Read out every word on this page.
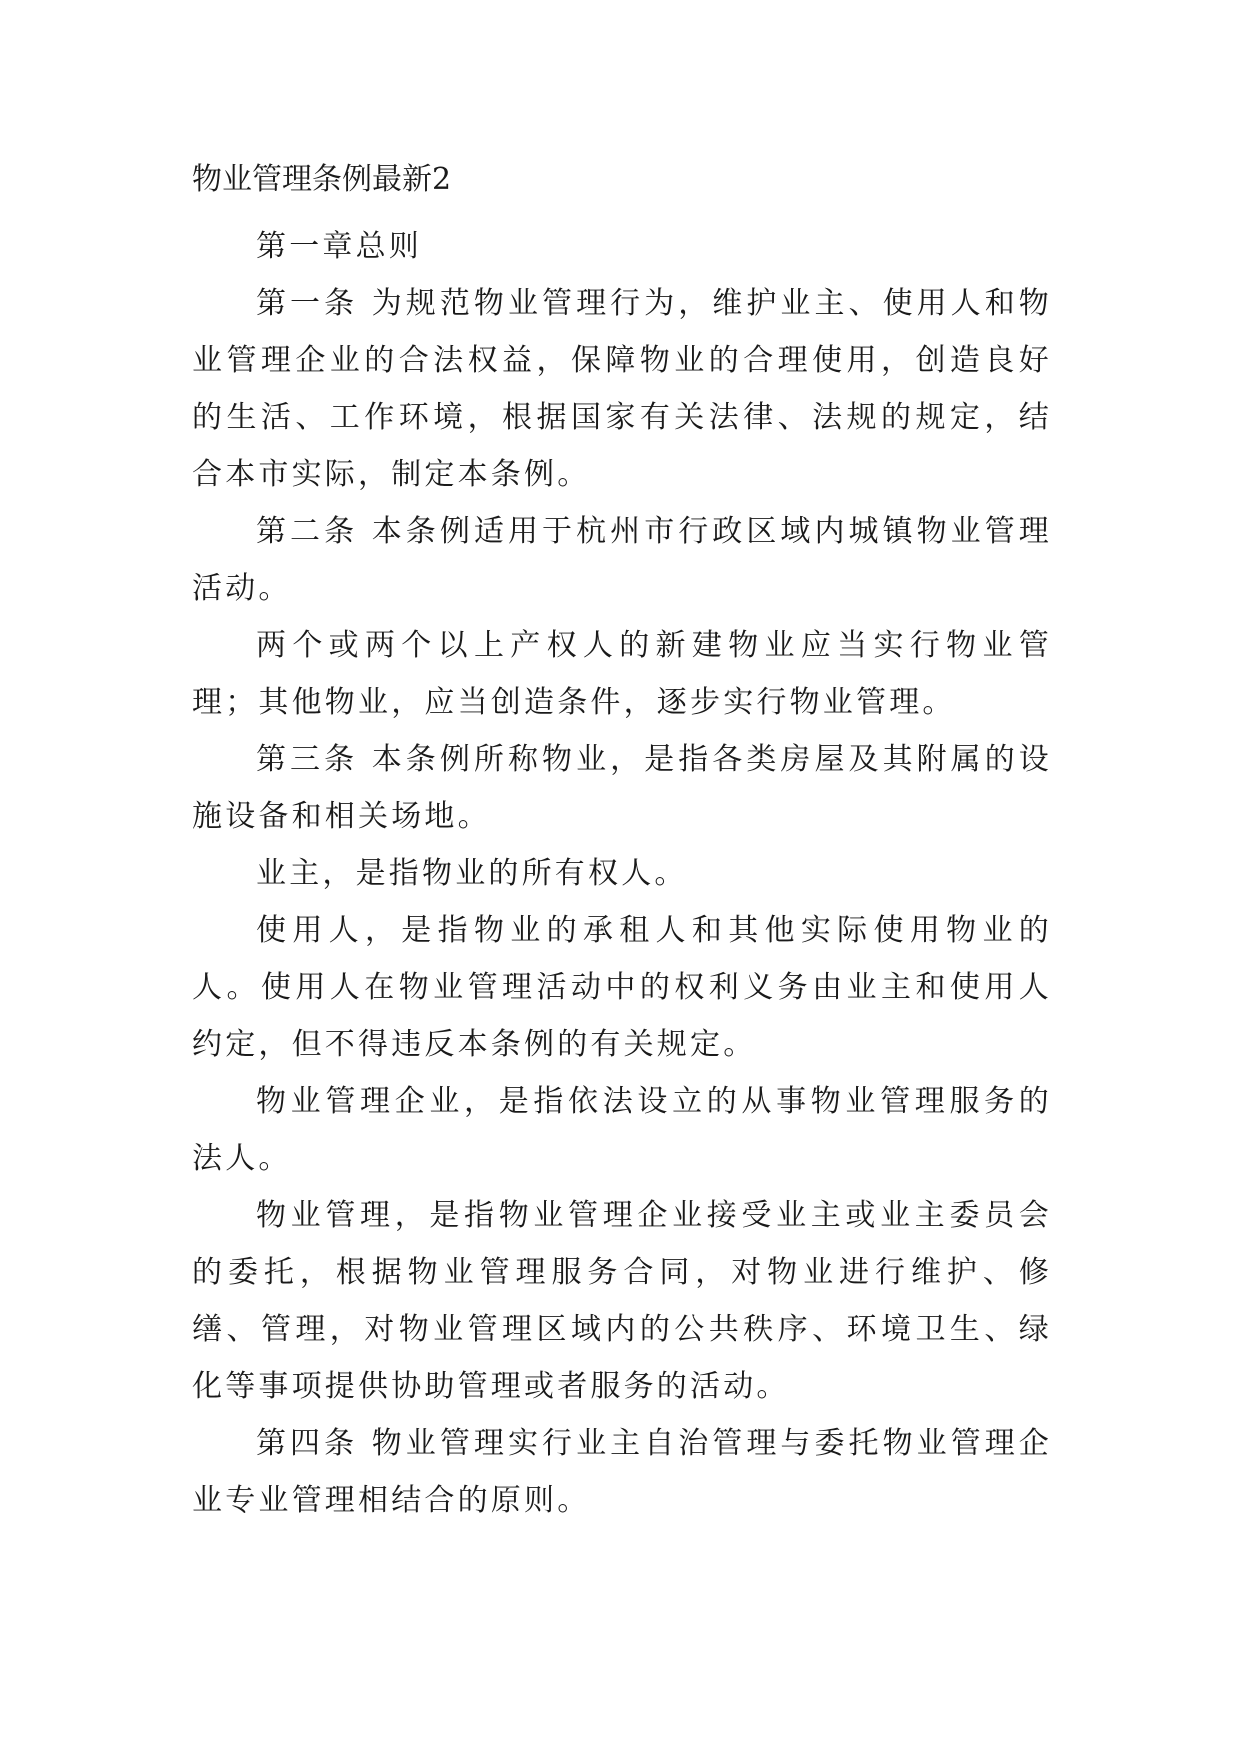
物业管理条例最新2

第一章总则

第一条 为规范物业管理行为，维护业主、使用人和物业管理企业的合法权益，保障物业的合理使用，创造良好的生活、工作环境，根据国家有关法律、法规的规定，结合本市实际，制定本条例。

第二条 本条例适用于杭州市行政区域内城镇物业管理活动。

两个或两个以上产权人的新建物业应当实行物业管理；其他物业，应当创造条件，逐步实行物业管理。

第三条 本条例所称物业，是指各类房屋及其附属的设施设备和相关场地。

业主，是指物业的所有权人。

使用人，是指物业的承租人和其他实际使用物业的人。使用人在物业管理活动中的权利义务由业主和使用人约定，但不得违反本条例的有关规定。

物业管理企业，是指依法设立的从事物业管理服务的法人。

物业管理，是指物业管理企业接受业主或业主委员会的委托，根据物业管理服务合同，对物业进行维护、修缮、管理，对物业管理区域内的公共秩序、环境卫生、绿化等事项提供协助管理或者服务的活动。

第四条 物业管理实行业主自治管理与委托物业管理企业专业管理相结合的原则。
